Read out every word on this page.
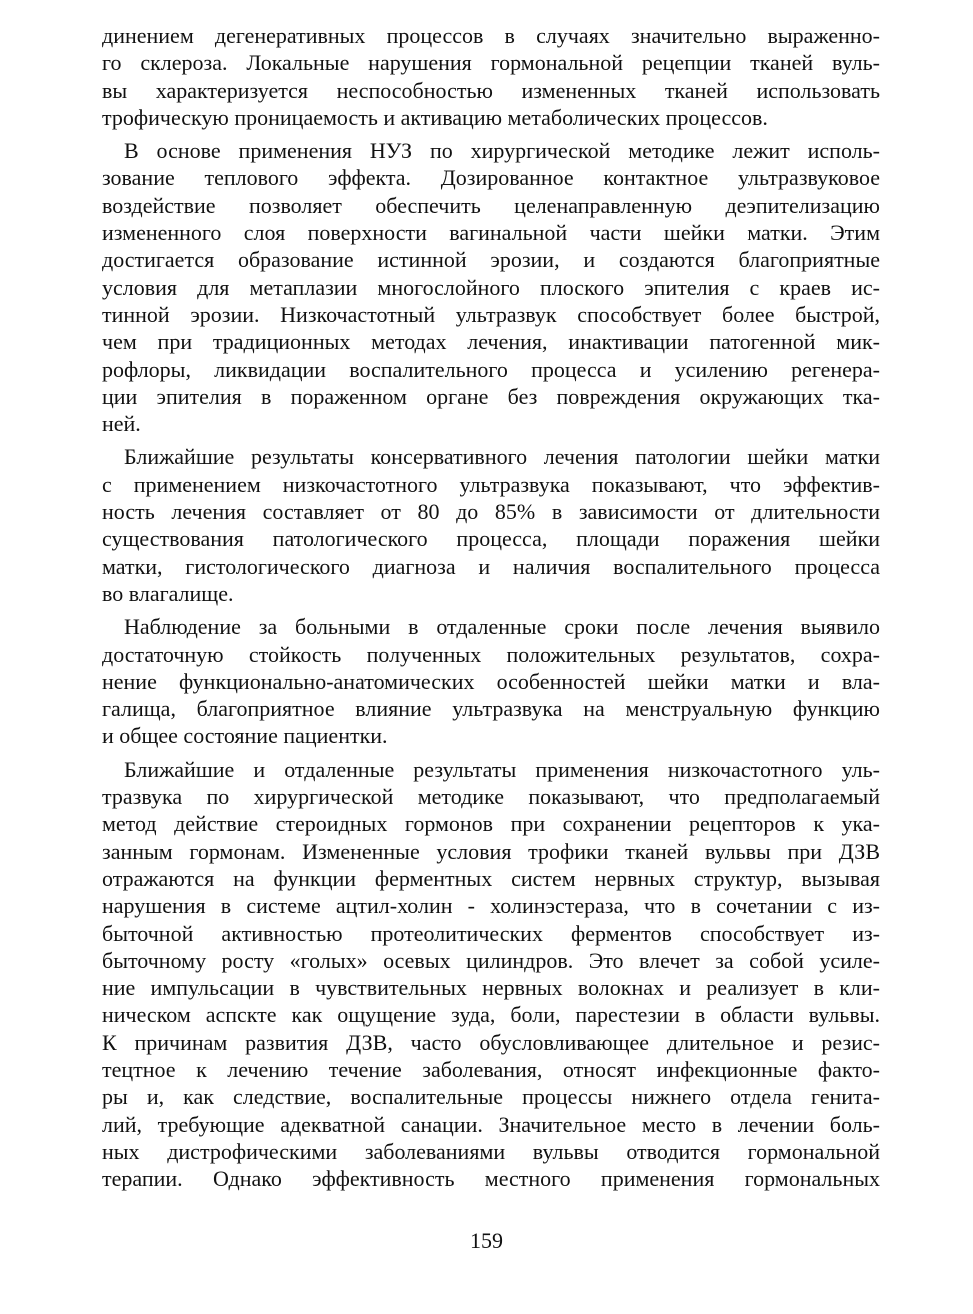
динением дегенеративных процессов в случаях значительно выраженно-
го склероза. Локальные нарушения гормональной рецепции тканей вуль-
вы характеризуется неспособностью измененных тканей использовать
трофическую проницаемость и активацию метаболических процессов.
В основе применения НУЗ по хирургической методике лежит исполь-
зование теплового эффекта. Дозированное контактное ультразвуковое
воздействие позволяет обеспечить целенаправленную деэпителизацию
измененного слоя поверхности вагинальной части шейки матки. Этим
достигается образование истинной эрозии, и создаются благоприятные
условия для метаплазии многослойного плоского эпителия с краев ис-
тинной эрозии. Низкочастотный ультразвук способствует более быстрой,
чем при традиционных методах лечения, инактивации патогенной мик-
рофлоры, ликвидации воспалительного процесса и усилению регенера-
ции эпителия в пораженном органе без повреждения окружающих тка-
ней.
Ближайшие результаты консервативного лечения патологии шейки матки
с применением низкочастотного ультразвука показывают, что эффектив-
ность лечения составляет от 80 до 85% в зависимости от длительности
существования патологического процесса, площади поражения шейки
матки, гистологического диагноза и наличия воспалительного процесса
во влагалище.
Наблюдение за больными в отдаленные сроки после лечения выявило
достаточную стойкость полученных положительных результатов, сохра-
нение функционально-анатомических особенностей шейки матки и вла-
галища, благоприятное влияние ультразвука на менструальную функцию
и общее состояние пациентки.
Ближайшие и отдаленные результаты применения низкочастотного уль-
тразвука по хирургической методике показывают, что предполагаемый
метод действие стероидных гормонов при сохранении рецепторов к ука-
занным гормонам. Измененные условия трофики тканей вульвы при ДЗВ
отражаются на функции ферментных систем нервных структур, вызывая
нарушения в системе ацтил-холин - холинэстераза, что в сочетании с из-
быточной активностью протеолитических ферментов способствует из-
быточному росту «голых» осевых цилиндров. Это влечет за собой усиле-
ние импульсации в чувствительных нервных волокнах и реализует в кли-
ническом аспскте как ощущение зуда, боли, парестезии в области вульвы.
К причинам развития ДЗВ, часто обусловливающее длительное и резис-
тецтное к лечению течение заболевания, относят инфекционные факто-
ры и, как следствие, воспалительные процессы нижнего отдела генита-
лий, требующие адекватной санации. Значительное место в лечении боль-
ных дистрофическими заболеваниями вульвы отводится гормональной
терапии. Однако эффективность местного применения гормональных
159
